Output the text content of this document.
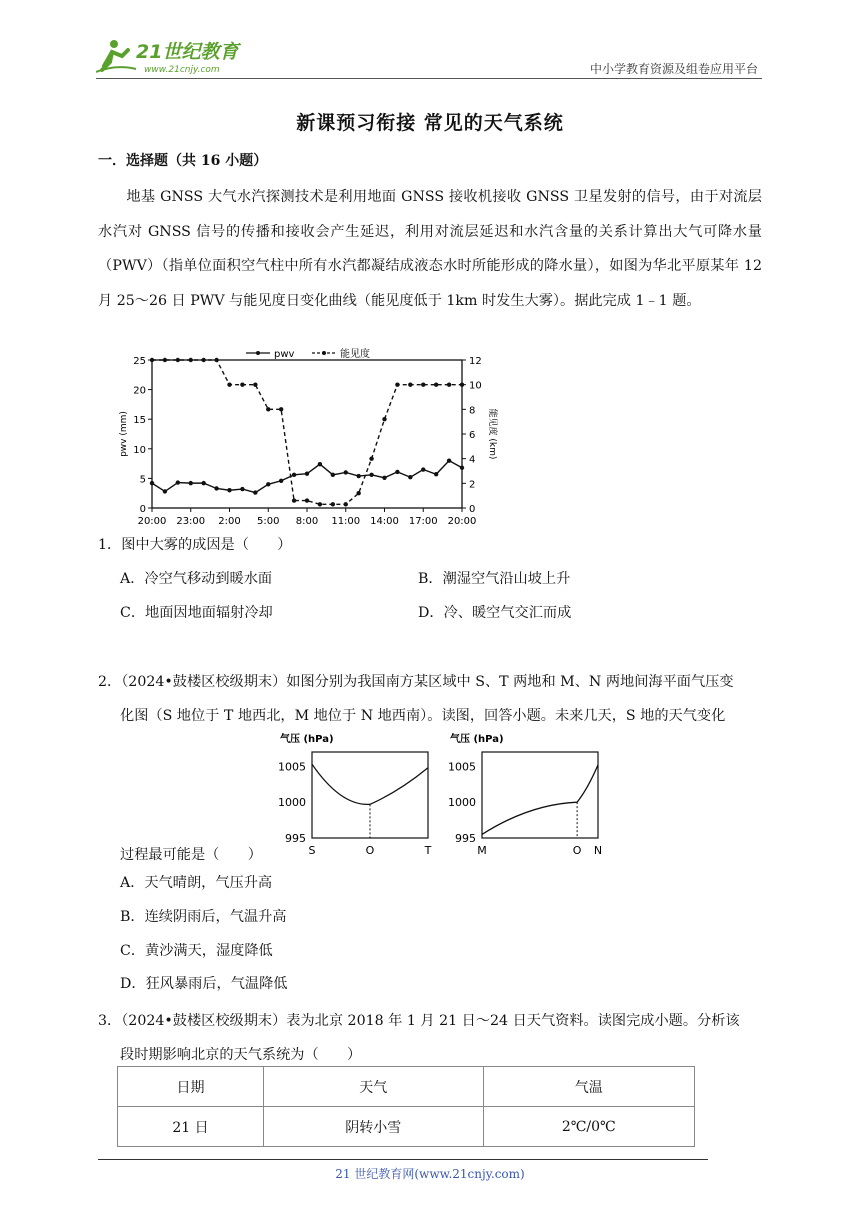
21世纪教育
www.21cnjy.com	中小学教育资源及组卷应用平台
新课预习衔接 常见的天气系统
一．选择题（共 16 小题）

地基 GNSS 大气水汽探测技术是利用地面 GNSS 接收机接收 GNSS 卫星发射的信号，由于对流层水汽对 GNSS 信号的传播和接收会产生延迟，利用对流层延迟和水汽含量的关系计算出大气可降水量（PWV）（指单位面积空气柱中所有水汽都凝结成液态水时所能形成的降水量），如图为华北平原某年 12 月 25～26 日 PWV 与能见度日变化曲线（能见度低于 1km 时发生大雾）。据此完成 1﹣1 题。

0
5
10
15
20
25
0
2
4
6
8
10
12
20:00 23:00 2:00 5:00 8:00 11:00 14:00 17:00 20:00
pwv (mm)	能见度 (km)
pwv	能见度
1．图中大雾的成因是（　　）
A．冷空气移动到暖水面	B．潮湿空气沿山坡上升
C．地面因地面辐射冷却	D．冷、暖空气交汇而成
2．（2024•鼓楼区校级期末）如图分别为我国南方某区域中 S、T 两地和 M、N 两地间海平面气压变
化图（S 地位于 T 地西北，M 地位于 N 地西南）。读图，回答小题。未来几天，S 地的天气变化
气压 (hPa)
995
1000
1005
S	O	T
气压 (hPa)
995
1000
1005
M	O N
过程最可能是（　　）
A．天气晴朗，气压升高
B．连续阴雨后，气温升高
C．黄沙满天，湿度降低
D．狂风暴雨后，气温降低
3．（2024•鼓楼区校级期末）表为北京 2018 年 1 月 21 日～24 日天气资料。读图完成小题。分析该
段时期影响北京的天气系统为（　　）
日期	天气	气温
21 日	阴转小雪	2℃/0℃
21 世纪教育网(www.21cnjy.com)
